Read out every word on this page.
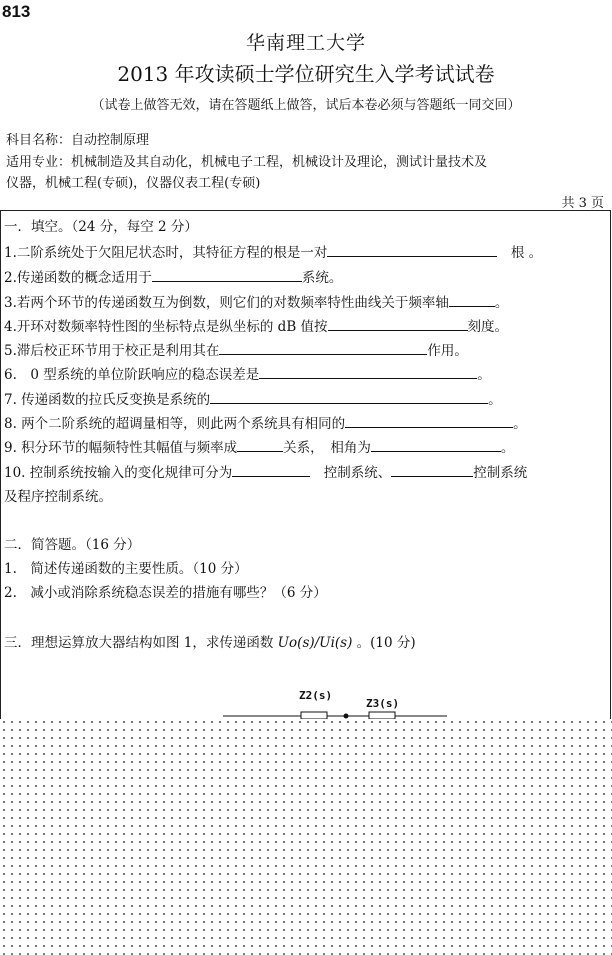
813
华南理工大学
2013 年攻读硕士学位研究生入学考试试卷
（试卷上做答无效，请在答题纸上做答，试后本卷必须与答题纸一同交回）
科目名称：自动控制原理
适用专业：机械制造及其自动化，机械电子工程，机械设计及理论，测试计量技术及
仪器，机械工程(专硕)，仪器仪表工程(专硕)
共 3 页
一．填空。（24 分，每空 2 分）
1.二阶系统处于欠阻尼状态时，其特征方程的根是一对　	根 。
2.传递函数的概念适用于	系统。
3.若两个环节的传递函数互为倒数，则它们的对数频率特性曲线关于频率轴	。
4.开环对数频率特性图的坐标特点是纵坐标的 dB 值按	刻度。
5.滞后校正环节用于校正是利用其在	作用。
6.　0 型系统的单位阶跃响应的稳态误差是	。
7. 传递函数的拉氏反变换是系统的	。
8. 两个二阶系统的超调量相等，则此两个系统具有相同的	。
9. 积分环节的幅频特性其幅值与频率成	关系，　相角为	。
10. 控制系统按输入的变化规律可分为　	控制系统、	控制系统
及程序控制系统。
二．简答题。（16 分）
1.　简述传递函数的主要性质。（10 分）
2.　减小或消除系统稳态误差的措施有哪些？（6 分）
三．理想运算放大器结构如图 1，求传递函数 Uo(s)/Ui(s) 。(10 分)
Z2(s)
Z3(s)
